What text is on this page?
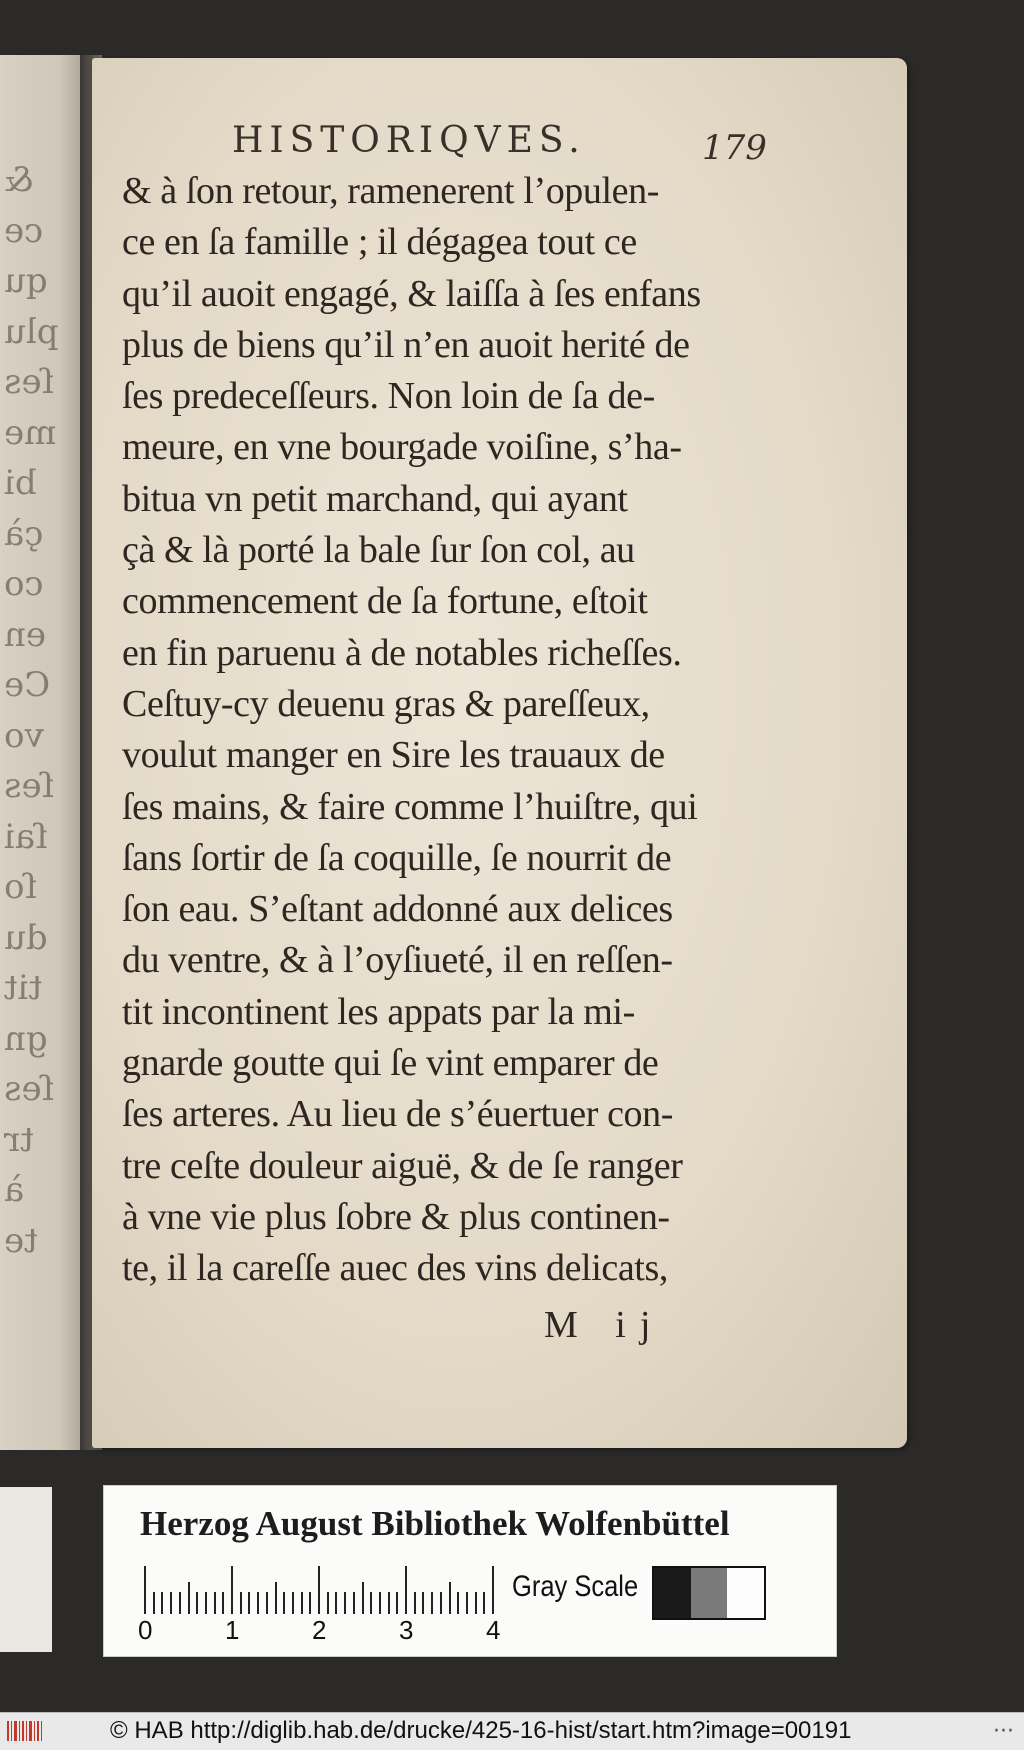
&
ce
qu
plu
ſes
me
bi
çà
co
en
Ce
vo
ſes
ſai
ſo
du
tit
gn
ſes
tr
à
te
HISTORIQVES.	179
& à ſon retour, ramenerent l’opulen-
ce en ſa famille ; il dégagea tout ce
qu’il auoit engagé, & laiſſa à ſes enfans
plus de biens qu’il n’en auoit herité de
ſes predeceſſeurs. Non loin de ſa de-
meure, en vne bourgade voiſine, s’ha-
bitua vn petit marchand, qui ayant
çà & là porté la bale ſur ſon col, au
commencement de ſa fortune, eſtoit
en fin paruenu à de notables richeſſes.
Ceſtuy-cy deuenu gras & pareſſeux,
voulut manger en Sire les trauaux de
ſes mains, & faire comme l’huiſtre, qui
ſans ſortir de ſa coquille, ſe nourrit de
ſon eau. S’eſtant addonné aux delices
du ventre, & à l’oyſiueté, il en reſſen-
tit incontinent les appats par la mi-
gnarde goutte qui ſe vint emparer de
ſes arteres. Au lieu de s’éuertuer con-
tre ceſte douleur aiguë, & de ſe ranger
à vne vie plus ſobre & plus continen-
te, il la careſſe auec des vins delicats,
M ij
Herzog August Bibliothek Wolfenbüttel
0	1	2	3	4
Gray Scale
© HAB http://diglib.hab.de/drucke/425-16-hist/start.htm?image=00191	···
